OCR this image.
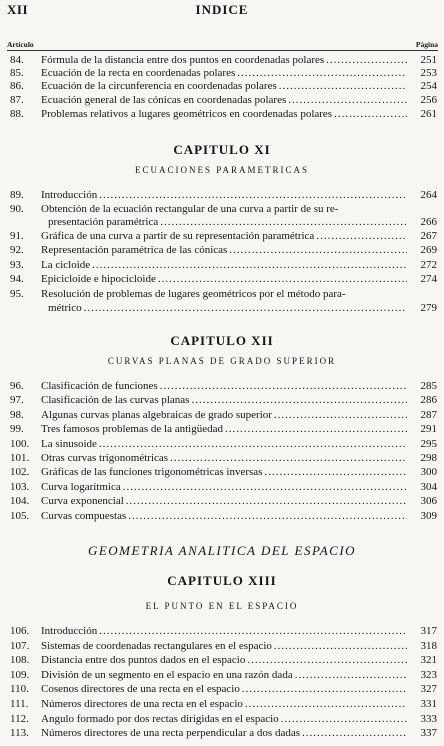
XII	INDICE
Artículo	Página
84.	Fórmula de la distancia entre dos puntos en coordenadas polares .....	251
85.	Ecuación de la recta en coordenadas polares .....	253
86.	Ecuación de la circunferencia en coordenadas polares .....	254
87.	Ecuación general de las cónicas en coordenadas polares .....	256
88.	Problemas relativos a lugares geométricos en coordenadas polares .....	261
CAPITULO XI
ECUACIONES PARAMETRICAS
89.	Introducción .....	264
90.	Obtención de la ecuación rectangular de una curva a partir de su re-
presentación paramétrica .....	266
91.	Gráfica de una curva a partir de su representación paramétrica .....	267
92.	Representación paramétrica de las cónicas .....	269
93.	La cicloide .....	272
94.	Epicicloide e hipocicloide .....	274
95.	Resolución de problemas de lugares geométricos por el método para-
métrico .....	279
CAPITULO XII
CURVAS PLANAS DE GRADO SUPERIOR
96.	Clasificación de funciones .....	285
97.	Clasificación de las curvas planas .....	286
98.	Algunas curvas planas algebraicas de grado superior .....	287
99.	Tres famosos problemas de la antigüedad .....	291
100.	La sinusoide .....	295
101.	Otras curvas trigonométricas .....	298
102.	Gráficas de las funciones trigonométricas inversas .....	300
103.	Curva logarítmica .....	304
104.	Curva exponencial .....	306
105.	Curvas compuestas .....	309
GEOMETRIA ANALITICA DEL ESPACIO
CAPITULO XIII
EL PUNTO EN EL ESPACIO
106.	Introducción .....	317
107.	Sistemas de coordenadas rectangulares en el espacio .....	318
108.	Distancia entre dos puntos dados en el espacio .....	321
109.	División de un segmento en el espacio en una razón dada .....	323
110.	Cosenos directores de una recta en el espacio .....	327
111.	Números directores de una recta en el espacio .....	331
112.	Angulo formado por dos rectas dirigidas en el espacio .....	333
113.	Números directores de una recta perpendicular a dos dadas .....	337
